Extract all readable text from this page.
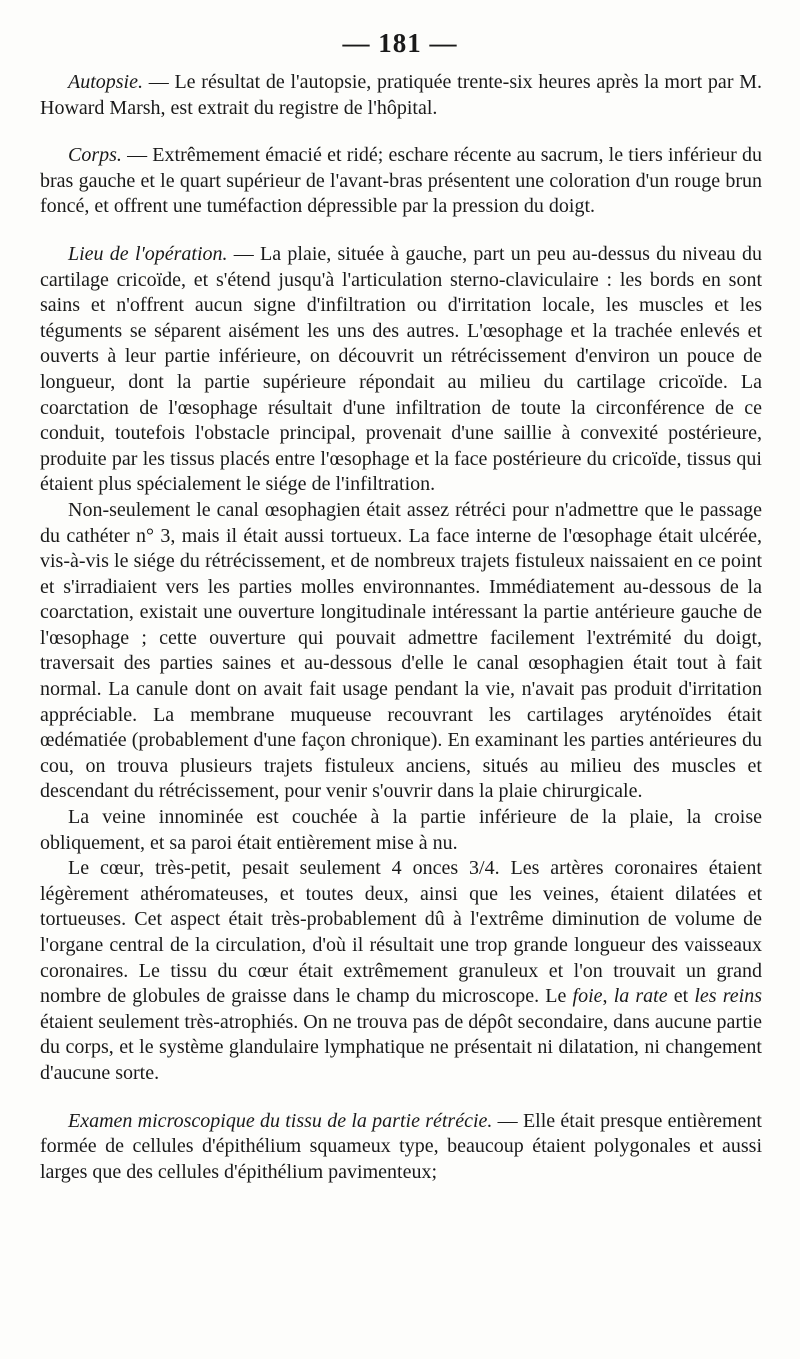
— 181 —

Autopsie. — Le résultat de l'autopsie, pratiquée trente-six heures après la mort par M. Howard Marsh, est extrait du registre de l'hôpital.

Corps. — Extrêmement émacié et ridé; eschare récente au sacrum, le tiers inférieur du bras gauche et le quart supérieur de l'avant-bras présentent une coloration d'un rouge brun foncé, et offrent une tuméfaction dépressible par la pression du doigt.

Lieu de l'opération. — La plaie, située à gauche, part un peu au-dessus du niveau du cartilage cricoïde, et s'étend jusqu'à l'articulation sterno-claviculaire : les bords en sont sains et n'offrent aucun signe d'infiltration ou d'irritation locale, les muscles et les téguments se séparent aisément les uns des autres. L'œsophage et la trachée enlevés et ouverts à leur partie inférieure, on découvrit un rétrécissement d'environ un pouce de longueur, dont la partie supérieure répondait au milieu du cartilage cricoïde. La coarctation de l'œsophage résultait d'une infiltration de toute la circonférence de ce conduit, toutefois l'obstacle principal, provenait d'une saillie à convexité postérieure, produite par les tissus placés entre l'œsophage et la face postérieure du cricoïde, tissus qui étaient plus spécialement le siége de l'infiltration.

Non-seulement le canal œsophagien était assez rétréci pour n'admettre que le passage du cathéter n° 3, mais il était aussi tortueux. La face interne de l'œsophage était ulcérée, vis-à-vis le siége du rétrécissement, et de nombreux trajets fistuleux naissaient en ce point et s'irradiaient vers les parties molles environnantes. Immédiatement au-dessous de la coarctation, existait une ouverture longitudinale intéressant la partie antérieure gauche de l'œsophage ; cette ouverture qui pouvait admettre facilement l'extrémité du doigt, traversait des parties saines et au-dessous d'elle le canal œsophagien était tout à fait normal. La canule dont on avait fait usage pendant la vie, n'avait pas produit d'irritation appréciable. La membrane muqueuse recouvrant les cartilages aryténoïdes était œdématiée (probablement d'une façon chronique). En examinant les parties antérieures du cou, on trouva plusieurs trajets fistuleux anciens, situés au milieu des muscles et descendant du rétrécissement, pour venir s'ouvrir dans la plaie chirurgicale.

La veine innominée est couchée à la partie inférieure de la plaie, la croise obliquement, et sa paroi était entièrement mise à nu.

Le cœur, très-petit, pesait seulement 4 onces 3/4. Les artères coronaires étaient légèrement athéromateuses, et toutes deux, ainsi que les veines, étaient dilatées et tortueuses. Cet aspect était très-probablement dû à l'extrême diminution de volume de l'organe central de la circulation, d'où il résultait une trop grande longueur des vaisseaux coronaires. Le tissu du cœur était extrêmement granuleux et l'on trouvait un grand nombre de globules de graisse dans le champ du microscope. Le foie, la rate et les reins étaient seulement très-atrophiés. On ne trouva pas de dépôt secondaire, dans aucune partie du corps, et le système glandulaire lymphatique ne présentait ni dilatation, ni changement d'aucune sorte.

Examen microscopique du tissu de la partie rétrécie. — Elle était presque entièrement formée de cellules d'épithélium squameux type, beaucoup étaient polygonales et aussi larges que des cellules d'épithélium pavimenteux;
